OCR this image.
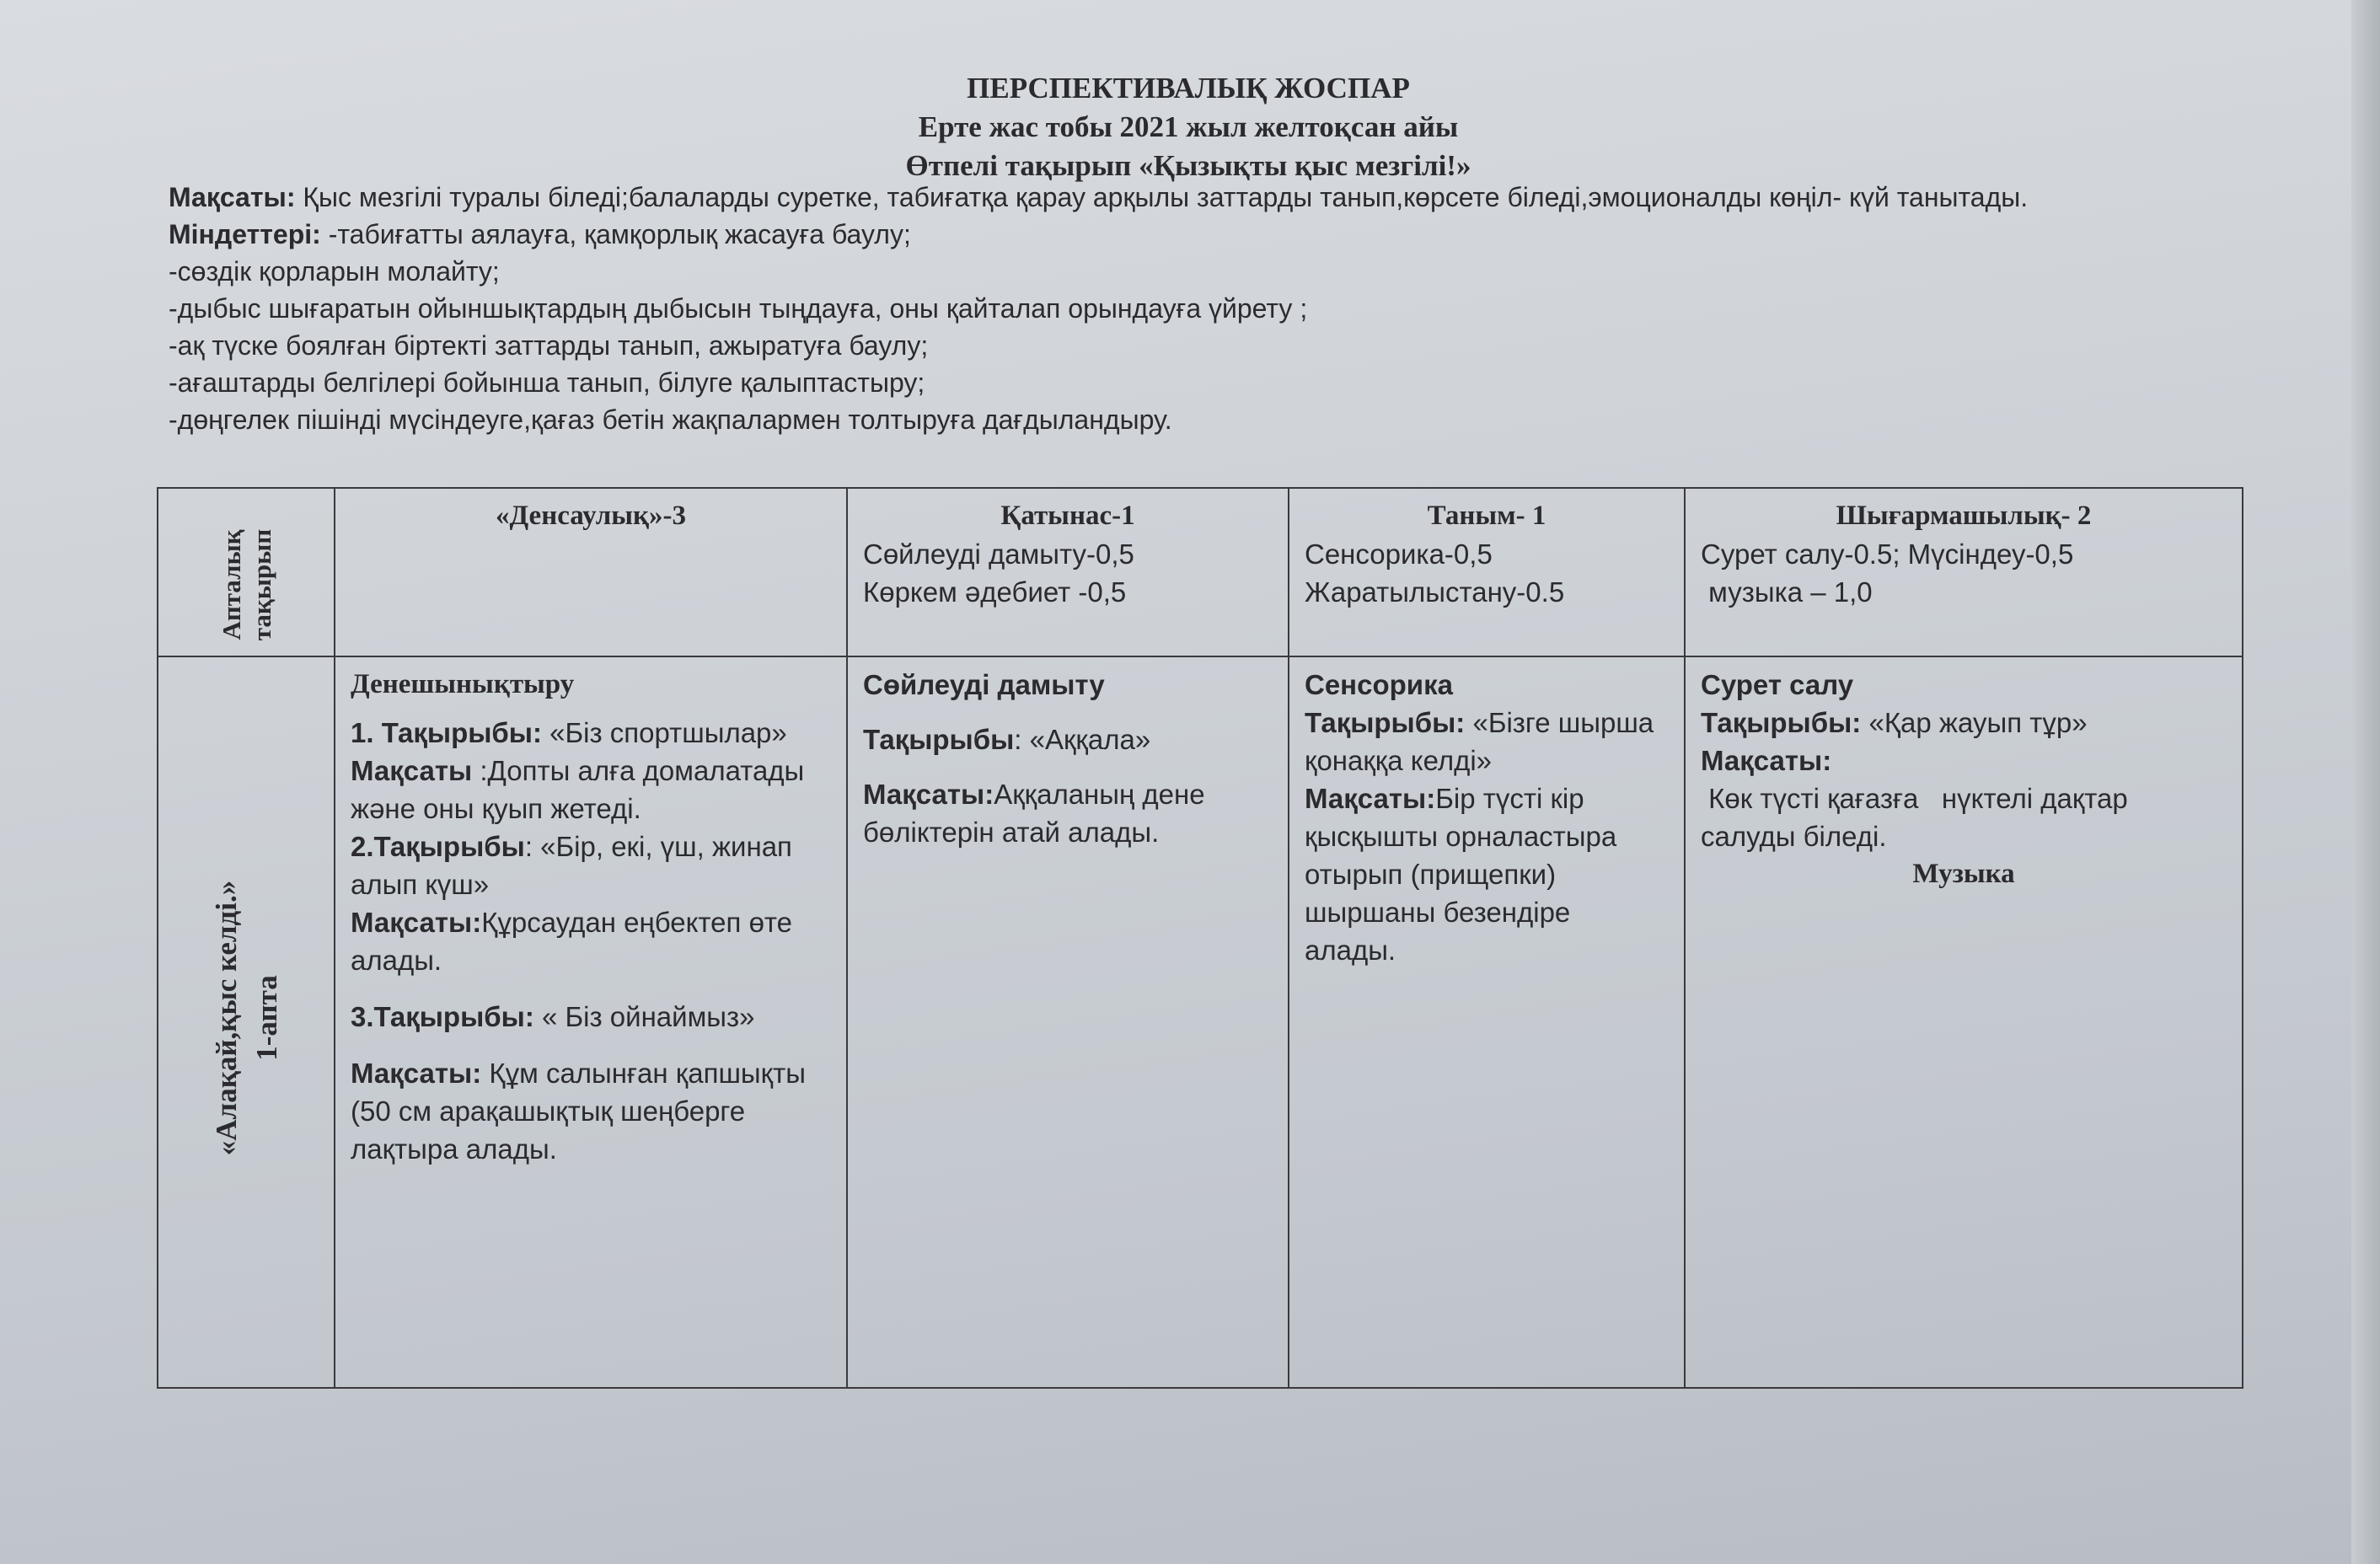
ПЕРСПЕКТИВАЛЫҚ ЖОСПАР
Ерте жас тобы 2021 жыл желтоқсан айы
Өтпелі тақырып «Қызықты қыс мезгілі!»

Мақсаты: Қыс мезгілі туралы біледі;балаларды суретке, табиғатқа қарау арқылы заттарды танып,көрсете біледі,эмоционалды көңіл- күй танытады.

Міндеттері: -табиғатты аялауға, қамқорлық жасауға баулу;

-сөздік қорларын молайту;

-дыбыс шығаратын ойыншықтардың дыбысын тыңдауға, оны қайталап орындауға үйрету ;

-ақ түске боялған біртекті заттарды танып, ажыратуға баулу;

-ағаштарды белгілері бойынша танып, білуге қалыптастыру;

-дөңгелек пішінді мүсіндеуге,қағаз бетін жақпалармен толтыруға дағдыландыру.

Апталық тақырып
«Денсаулық»-3	Қатынас-1
Сөйлеуді дамыту-0,5
Көркем әдебиет -0,5
Таным- 1
Сенсорика-0,5
Жаратылыстану-0.5
Шығармашылық- 2
Сурет салу-0.5; Мүсіндеу-0,5
музыка – 1,0
«Алақай,қыс келді.» 1-апта

Денешынықтыру

1. Тақырыбы: «Біз спортшылар»

Мақсаты :Допты алға домалатады және оны қуып жетеді.

2.Тақырыбы: «Бір, екі, үш, жинап алып күш»

Мақсаты:Құрсаудан еңбектеп өте алады.

3.Тақырыбы: « Біз ойнаймыз»

Мақсаты: Құм салынған қапшықты (50 см арақашықтық шеңберге лақтыра алады.

Сөйлеуді дамыту

Тақырыбы: «Аққала»

Мақсаты:Аққаланың дене бөліктерін атай алады.

Сенсорика

Тақырыбы: «Бізге шырша қонаққа келді»

Мақсаты:Бір түсті кір қысқышты орналастыра отырып (прищепки) шыршаны безендіре алады.

Сурет салу

Тақырыбы: «Қар жауып тұр»

Мақсаты:

Көк түсті қағазға   нүктелі дақтар салуды біледі.

Музыка
